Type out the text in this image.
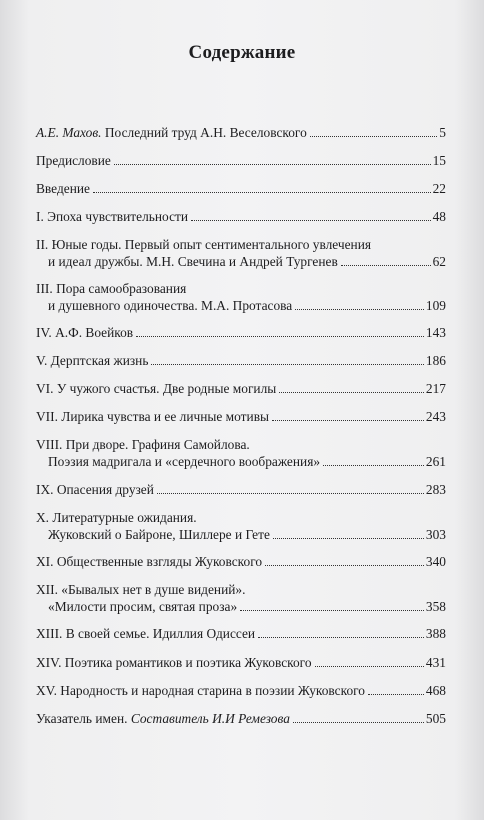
Содержание
А.Е. Махов.
Последний труд А.Н. Веселовского	5
Предисловие	15
Введение	22
I. Эпоха чувствительности	48
II. Юные годы. Первый опыт сентиментального увлечения
и идеал дружбы. М.Н. Свечина и Андрей Тургенев	62
III. Пора самообразования
и душевного одиночества. М.А. Протасова	109
IV. А.Ф. Воейков	143
V. Дерптская жизнь	186
VI. У чужого счастья. Две родные могилы	217
VII. Лирика чувства и ее личные мотивы	243
VIII. При дворе. Графиня Самойлова.
Поэзия мадригала и «сердечного воображения»	261
IX. Опасения друзей	283
X. Литературные ожидания.
Жуковский о Байроне, Шиллере и Гете	303
XI. Общественные взгляды Жуковского	340
XII. «Бывалых нет в душе видений».
«Милости просим, святая проза»	358
XIII. В своей семье. Идиллия Одиссеи	388
XIV. Поэтика романтиков и поэтика Жуковского	431
XV. Народность и народная старина в поэзии Жуковского	468
Указатель имен.
Составитель И.И Ремезова	505
